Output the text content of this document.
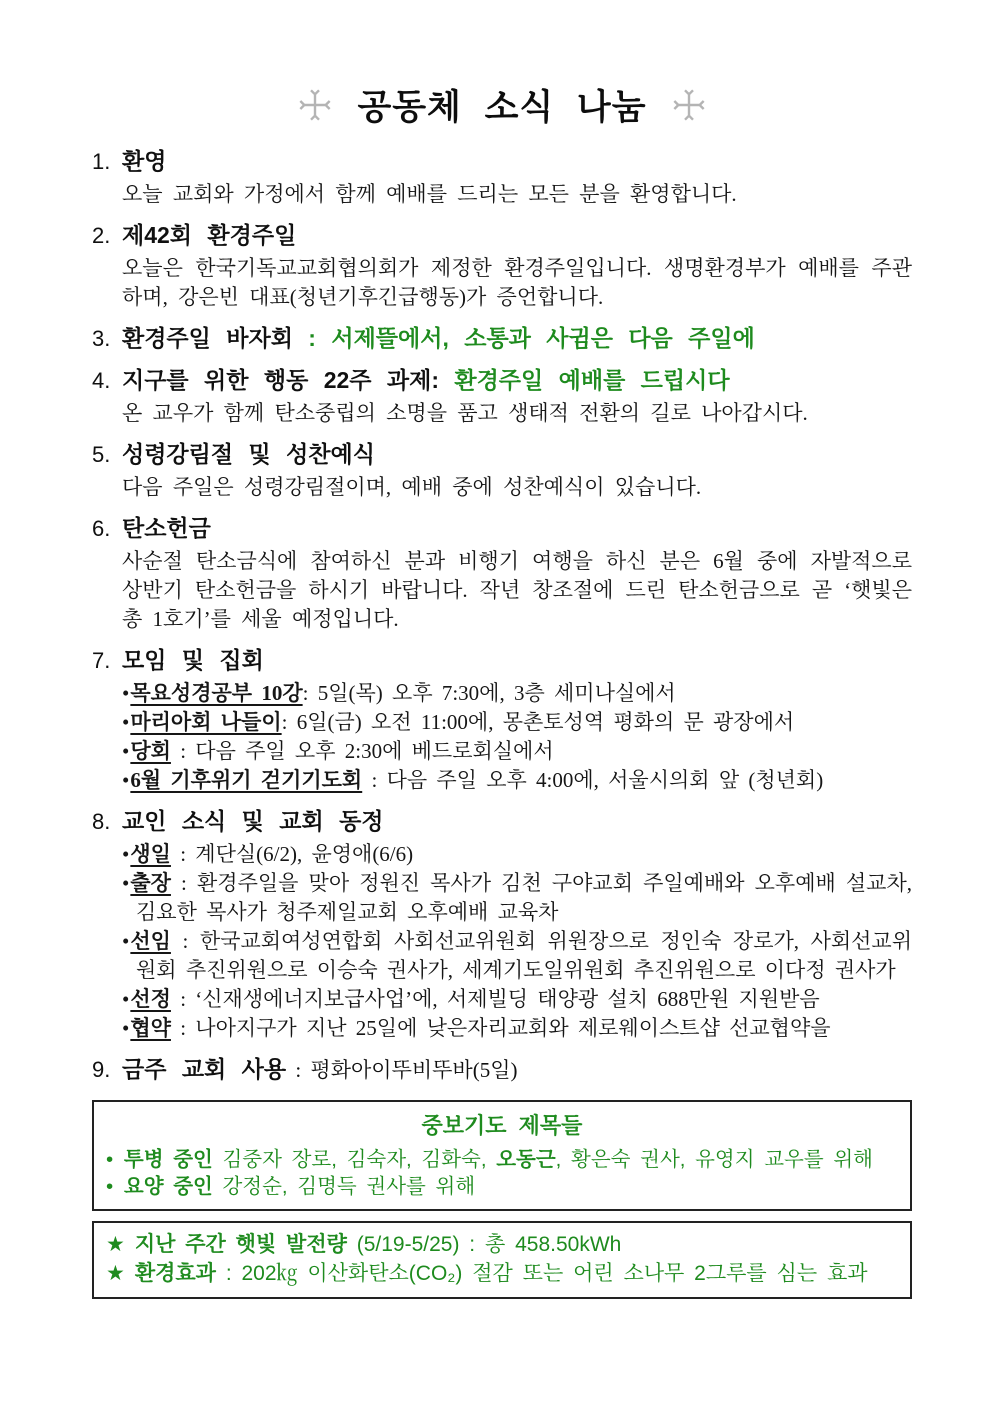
공동체 소식 나눔
1. 환영

오늘 교회와 가정에서 함께 예배를 드리는 모든 분을 환영합니다.

2. 제42회 환경주일

오늘은 한국기독교교회협의회가 제정한 환경주일입니다. 생명환경부가 예배를 주관하며, 강은빈 대표(청년기후긴급행동)가 증언합니다.

3. 환경주일 바자회 : 서제뜰에서, 소통과 사귐은 다음 주일에
4. 지구를 위한 행동 22주 과제: 환경주일 예배를 드립시다

온 교우가 함께 탄소중립의 소명을 품고 생태적 전환의 길로 나아갑시다.

5. 성령강림절 및 성찬예식

다음 주일은 성령강림절이며, 예배 중에 성찬예식이 있습니다.

6. 탄소헌금

사순절 탄소금식에 참여하신 분과 비행기 여행을 하신 분은 6월 중에 자발적으로 상반기 탄소헌금을 하시기 바랍니다. 작년 창조절에 드린 탄소헌금으로 곧 ‘햇빛은총 1호기’를 세울 예정입니다.

7. 모임 및 집회
•목요성경공부 10강: 5일(목) 오후 7:30에, 3층 세미나실에서
•마리아회 나들이: 6일(금) 오전 11:00에, 몽촌토성역 평화의 문 광장에서
•당회 : 다음 주일 오후 2:30에 베드로회실에서
•6월 기후위기 걷기기도회 : 다음 주일 오후 4:00에, 서울시의회 앞 (청년회)
8. 교인 소식 및 교회 동정
•생일 : 계단실(6/2), 윤영애(6/6)
•출장 : 환경주일을 맞아 정원진 목사가 김천 구야교회 주일예배와 오후예배 설교차, 김요한 목사가 청주제일교회 오후예배 교육차
•선임 : 한국교회여성연합회 사회선교위원회 위원장으로 정인숙 장로가, 사회선교위원회 추진위원으로 이승숙 권사가, 세계기도일위원회 추진위원으로 이다정 권사가
•선정 : ‘신재생에너지보급사업’에, 서제빌딩 태양광 설치 688만원 지원받음
•협약 : 나아지구가 지난 25일에 낮은자리교회와 제로웨이스트샵 선교협약을
9. 금주 교회 사용 : 평화아이뚜비뚜바(5일)
중보기도 제목들
• 투병 중인 김중자 장로, 김숙자, 김화숙, 오동근, 황은숙 권사, 유영지 교우를 위해
• 요양 중인 강정순, 김명득 권사를 위해
★ 지난 주간 햇빛 발전량 (5/19-5/25) : 총 458.50kWh
★ 환경효과 : 202㎏ 이산화탄소(CO₂) 절감 또는 어린 소나무 2그루를 심는 효과
